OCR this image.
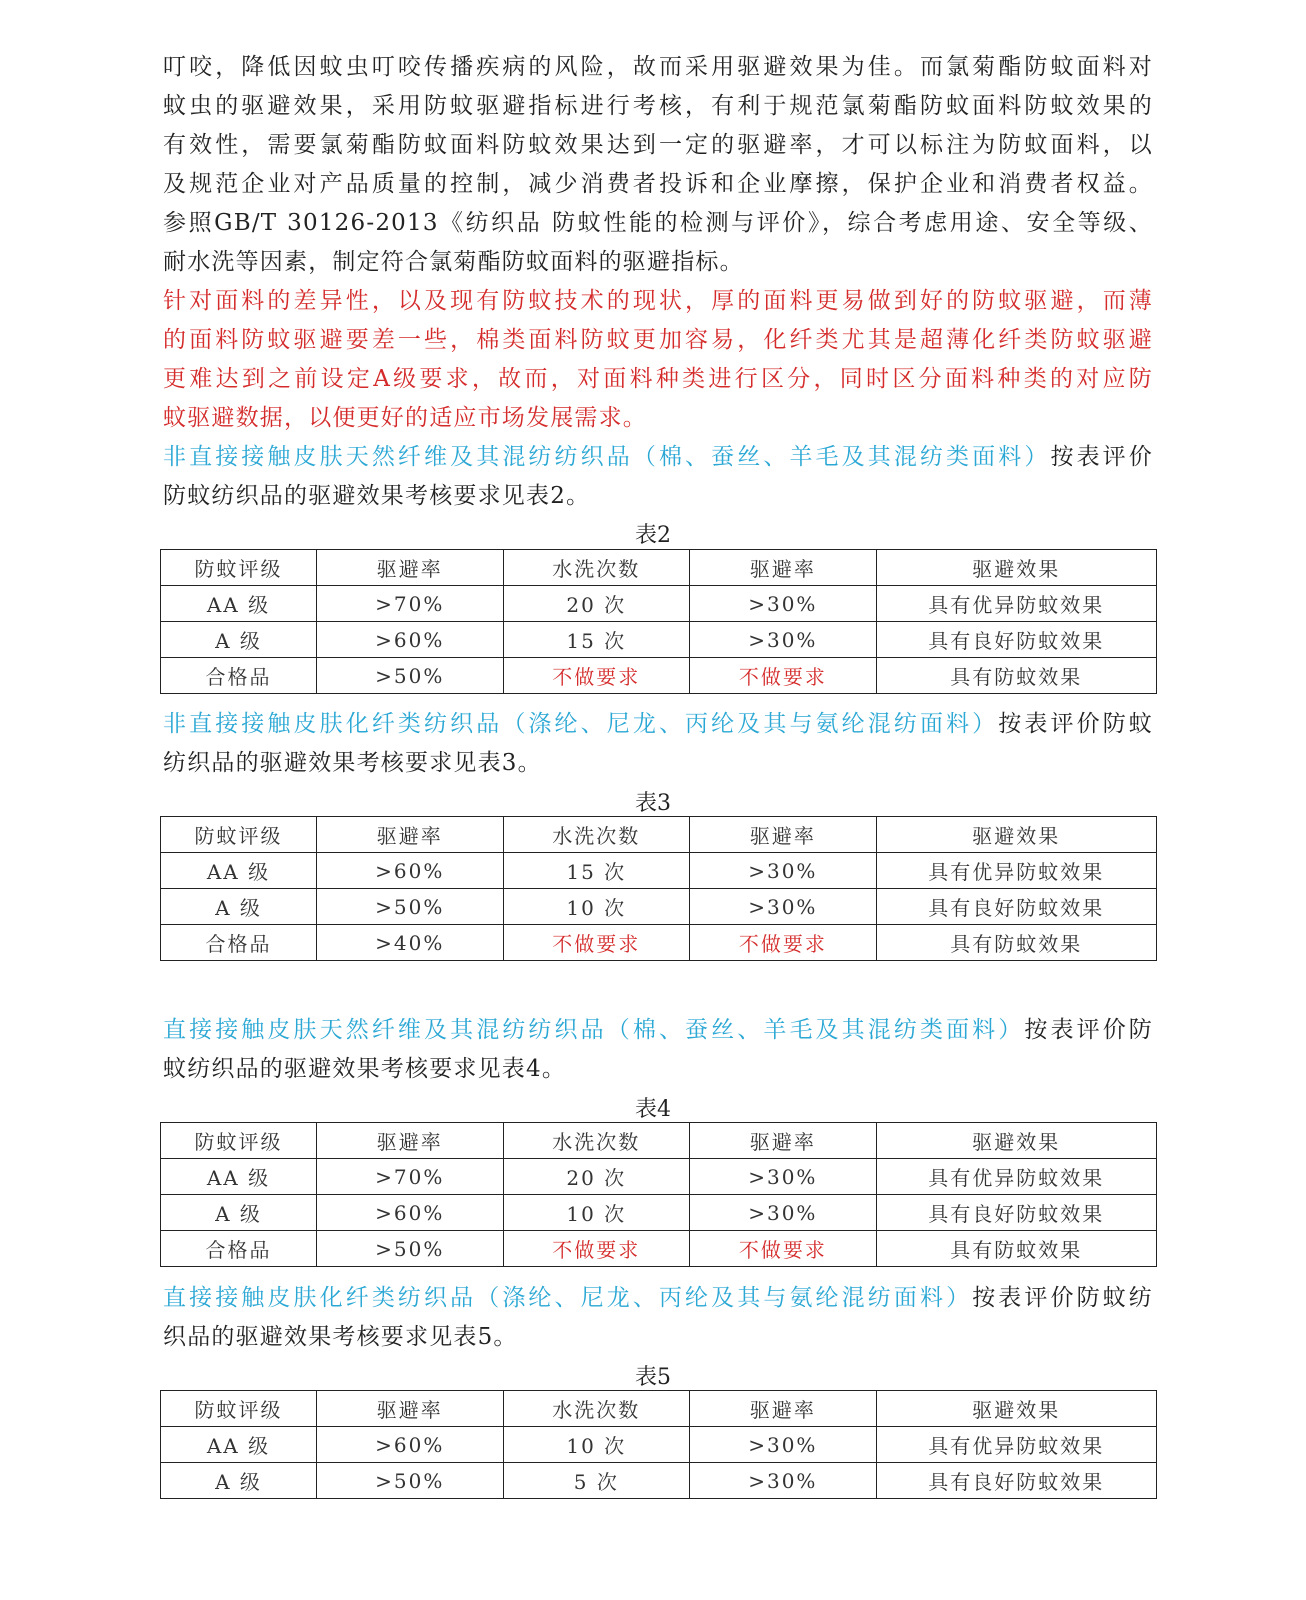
叮咬，降低因蚊虫叮咬传播疾病的风险，故而采用驱避效果为佳。而氯菊酯防蚊面料对
蚊虫的驱避效果，采用防蚊驱避指标进行考核，有利于规范氯菊酯防蚊面料防蚊效果的
有效性，需要氯菊酯防蚊面料防蚊效果达到一定的驱避率，才可以标注为防蚊面料，以
及规范企业对产品质量的控制，减少消费者投诉和企业摩擦，保护企业和消费者权益。
参照GB/T 30126-2013《纺织品 防蚊性能的检测与评价》，综合考虑用途、安全等级、
耐水洗等因素，制定符合氯菊酯防蚊面料的驱避指标。
针对面料的差异性，以及现有防蚊技术的现状，厚的面料更易做到好的防蚊驱避，而薄
的面料防蚊驱避要差一些，棉类面料防蚊更加容易，化纤类尤其是超薄化纤类防蚊驱避
更难达到之前设定A级要求，故而，对面料种类进行区分，同时区分面料种类的对应防
蚊驱避数据，以便更好的适应市场发展需求。
非直接接触皮肤天然纤维及其混纺纺织品（棉、蚕丝、羊毛及其混纺类面料）按表评价
防蚊纺织品的驱避效果考核要求见表2。
表2
防蚊评级	驱避率	水洗次数	驱避率	驱避效果
AA 级	>70%	20 次	>30%	具有优异防蚊效果
A 级	>60%	15 次	>30%	具有良好防蚊效果
合格品	>50%	不做要求	不做要求	具有防蚊效果
非直接接触皮肤化纤类纺织品（涤纶、尼龙、丙纶及其与氨纶混纺面料）按表评价防蚊
纺织品的驱避效果考核要求见表3。
表3
防蚊评级	驱避率	水洗次数	驱避率	驱避效果
AA 级	>60%	15 次	>30%	具有优异防蚊效果
A 级	>50%	10 次	>30%	具有良好防蚊效果
合格品	>40%	不做要求	不做要求	具有防蚊效果
直接接触皮肤天然纤维及其混纺纺织品（棉、蚕丝、羊毛及其混纺类面料）按表评价防
蚊纺织品的驱避效果考核要求见表4。
表4
防蚊评级	驱避率	水洗次数	驱避率	驱避效果
AA 级	>70%	20 次	>30%	具有优异防蚊效果
A 级	>60%	10 次	>30%	具有良好防蚊效果
合格品	>50%	不做要求	不做要求	具有防蚊效果
直接接触皮肤化纤类纺织品（涤纶、尼龙、丙纶及其与氨纶混纺面料）按表评价防蚊纺
织品的驱避效果考核要求见表5。
表5
防蚊评级	驱避率	水洗次数	驱避率	驱避效果
AA 级	>60%	10 次	>30%	具有优异防蚊效果
A 级	>50%	5 次	>30%	具有良好防蚊效果
